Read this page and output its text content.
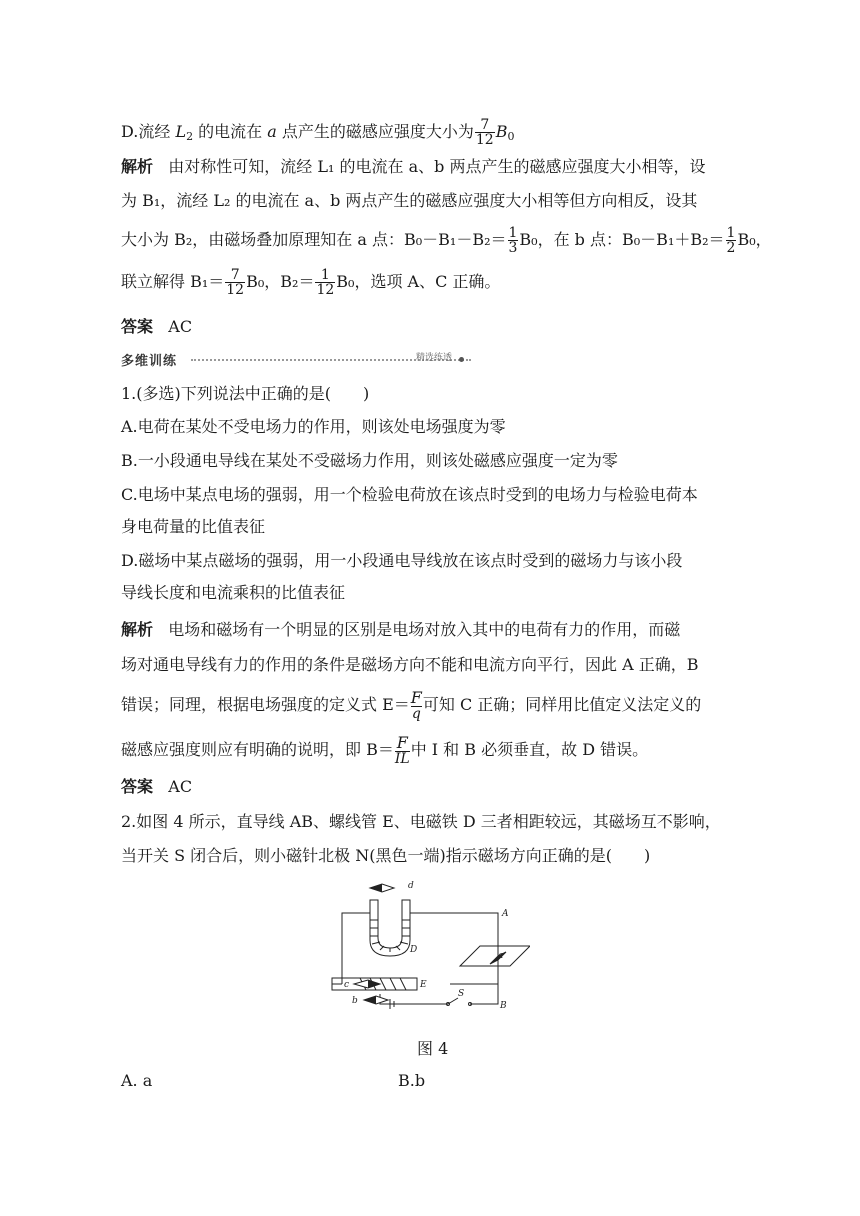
D.流经 $L_2$ 的电流在 a 点产生的磁感应强度大小为 $\frac{7}{12} B_0$
解析 由对称性可知，流经 L₁ 的电流在 a、b 两点产生的磁感应强度大小相等，设
为 B₁，流经 L₂ 的电流在 a、b 两点产生的磁感应强度大小相等但方向相反，设其
大小为 B₂，由磁场叠加原理知在 a 点：$B_0-B_1-B_2= \frac{1}{3} B_0$，在 b 点：$B_0-B_1+B_2= \frac{1}{2} B_0$，
联立解得 $B_1= \frac{7}{12} B_0$，$B_2= \frac{1}{12} B_0$，选项 A、C 正确。
答案 AC
多维训练	精选练透
1.(多选)下列说法中正确的是(　　)
A.电荷在某处不受电场力的作用，则该处电场强度为零
B.一小段通电导线在某处不受磁场力作用，则该处磁感应强度一定为零
C.电场中某点电场的强弱，用一个检验电荷放在该点时受到的电场力与检验电荷本
身电荷量的比值表征
D.磁场中某点磁场的强弱，用一小段通电导线放在该点时受到的磁场力与该小段
导线长度和电流乘积的比值表征
解析 电场和磁场有一个明显的区别是电场对放入其中的电荷有力的作用，而磁
场对通电导线有力的作用的条件是磁场方向不能和电流方向平行，因此 A 正确，B
错误；同理，根据电场强度的定义式 $E=\frac{F}{q}$ 可知 C 正确；同样用比值定义法定义的
磁感应强度则应有明确的说明，即 $B=\frac{F}{IL}$ 中 I 和 B 必须垂直，故 D 错误。
答案 AC
2.如图 4 所示，直导线 AB、螺线管 E、电磁铁 D 三者相距较远，其磁场互不影响，
当开关 S 闭合后，则小磁针北极 N(黑色一端)指示磁场方向正确的是(　　)
d
A
D
a
c	E
S
b	B
图 4
A. a	B.b
